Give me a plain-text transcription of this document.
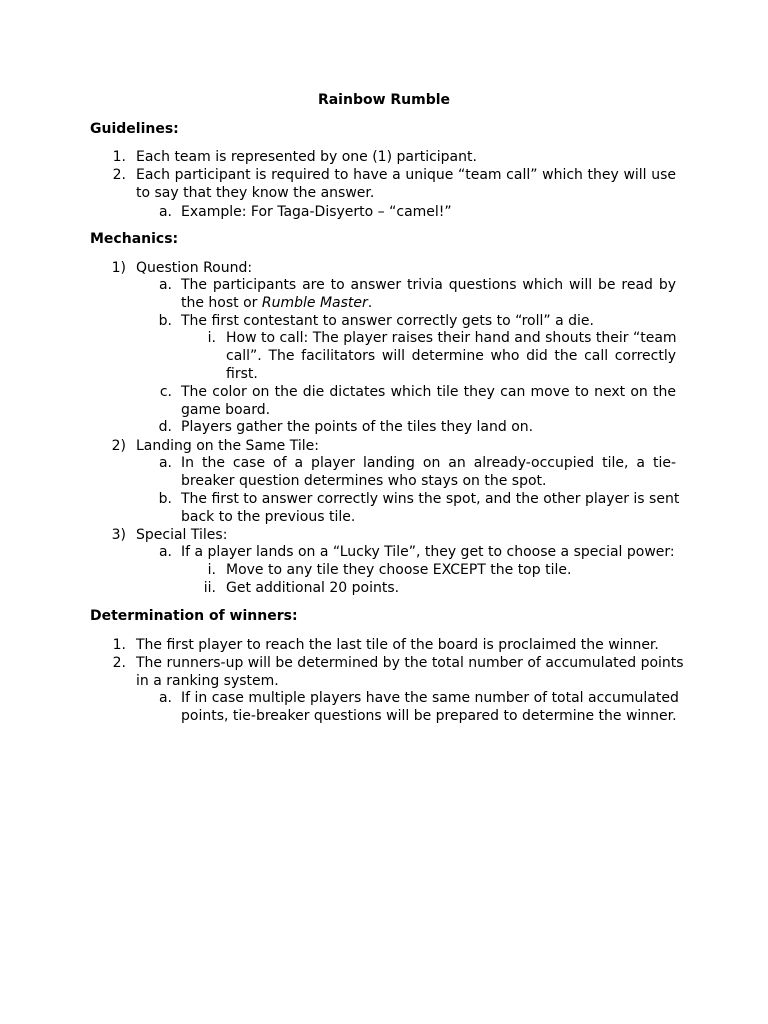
Rainbow Rumble
Guidelines:
1. Each team is represented by one (1) participant.
2. Each participant is required to have a unique “team call” which they will use
to say that they know the answer.
a. Example: For Taga-Disyerto – “camel!”
Mechanics:
1) Question Round:
a. The participants are to answer trivia questions which will be read by
the host or Rumble Master.
b. The first contestant to answer correctly gets to “roll” a die.
i. How to call: The player raises their hand and shouts their “team
call”. The facilitators will determine who did the call correctly
first.
c. The color on the die dictates which tile they can move to next on the
game board.
d. Players gather the points of the tiles they land on.
2) Landing on the Same Tile:
a. In the case of a player landing on an already-occupied tile, a tie-
breaker question determines who stays on the spot.
b. The first to answer correctly wins the spot, and the other player is sent
back to the previous tile.
3) Special Tiles:
a. If a player lands on a “Lucky Tile”, they get to choose a special power:
i. Move to any tile they choose EXCEPT the top tile.
ii. Get additional 20 points.
Determination of winners:
1. The first player to reach the last tile of the board is proclaimed the winner.
2. The runners-up will be determined by the total number of accumulated points
in a ranking system.
a. If in case multiple players have the same number of total accumulated
points, tie-breaker questions will be prepared to determine the winner.
